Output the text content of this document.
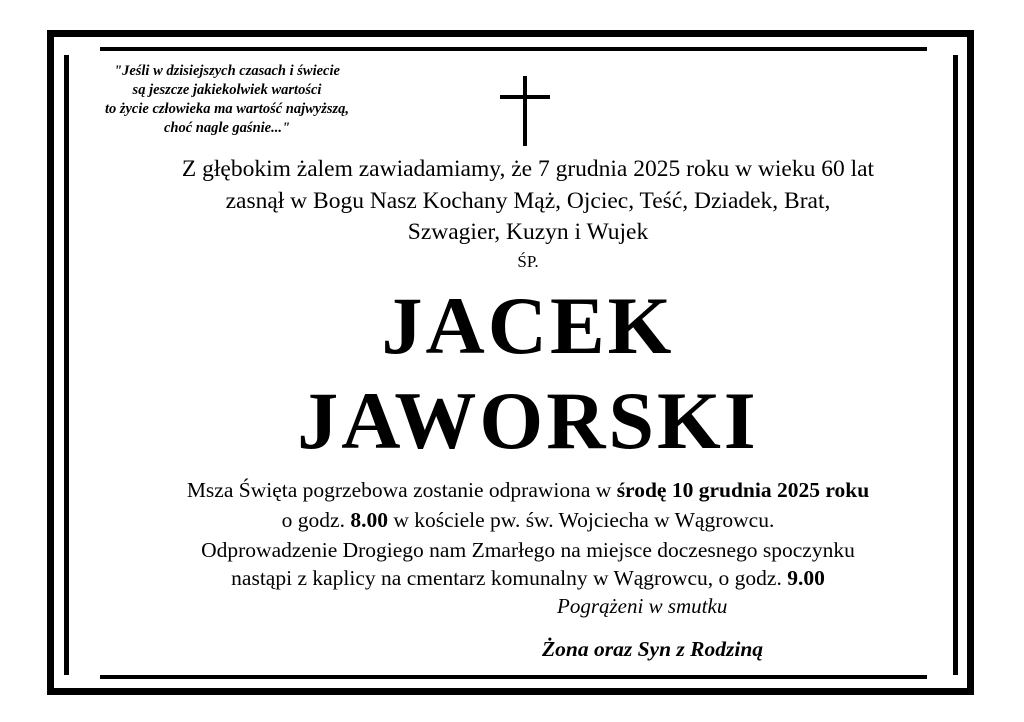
"Jeśli w dzisiejszych czasach i świecie
są jeszcze jakiekolwiek wartości
to życie człowieka ma wartość najwyższą,
choć nagle gaśnie..."
Z głębokim żalem zawiadamiamy, że 7 grudnia 2025 roku w wieku 60 lat
zasnął w Bogu Nasz Kochany Mąż, Ojciec, Teść, Dziadek, Brat,
Szwagier, Kuzyn i Wujek
ŚP.
JACEK
JAWORSKI
Msza Święta pogrzebowa zostanie odprawiona w środę 10 grudnia 2025 roku
o godz. 8.00 w kościele pw. św. Wojciecha w Wągrowcu.
Odprowadzenie Drogiego nam Zmarłego na miejsce doczesnego spoczynku
nastąpi z kaplicy na cmentarz komunalny w Wągrowcu, o godz. 9.00
Pogrążeni w smutku
Żona oraz Syn z Rodziną
